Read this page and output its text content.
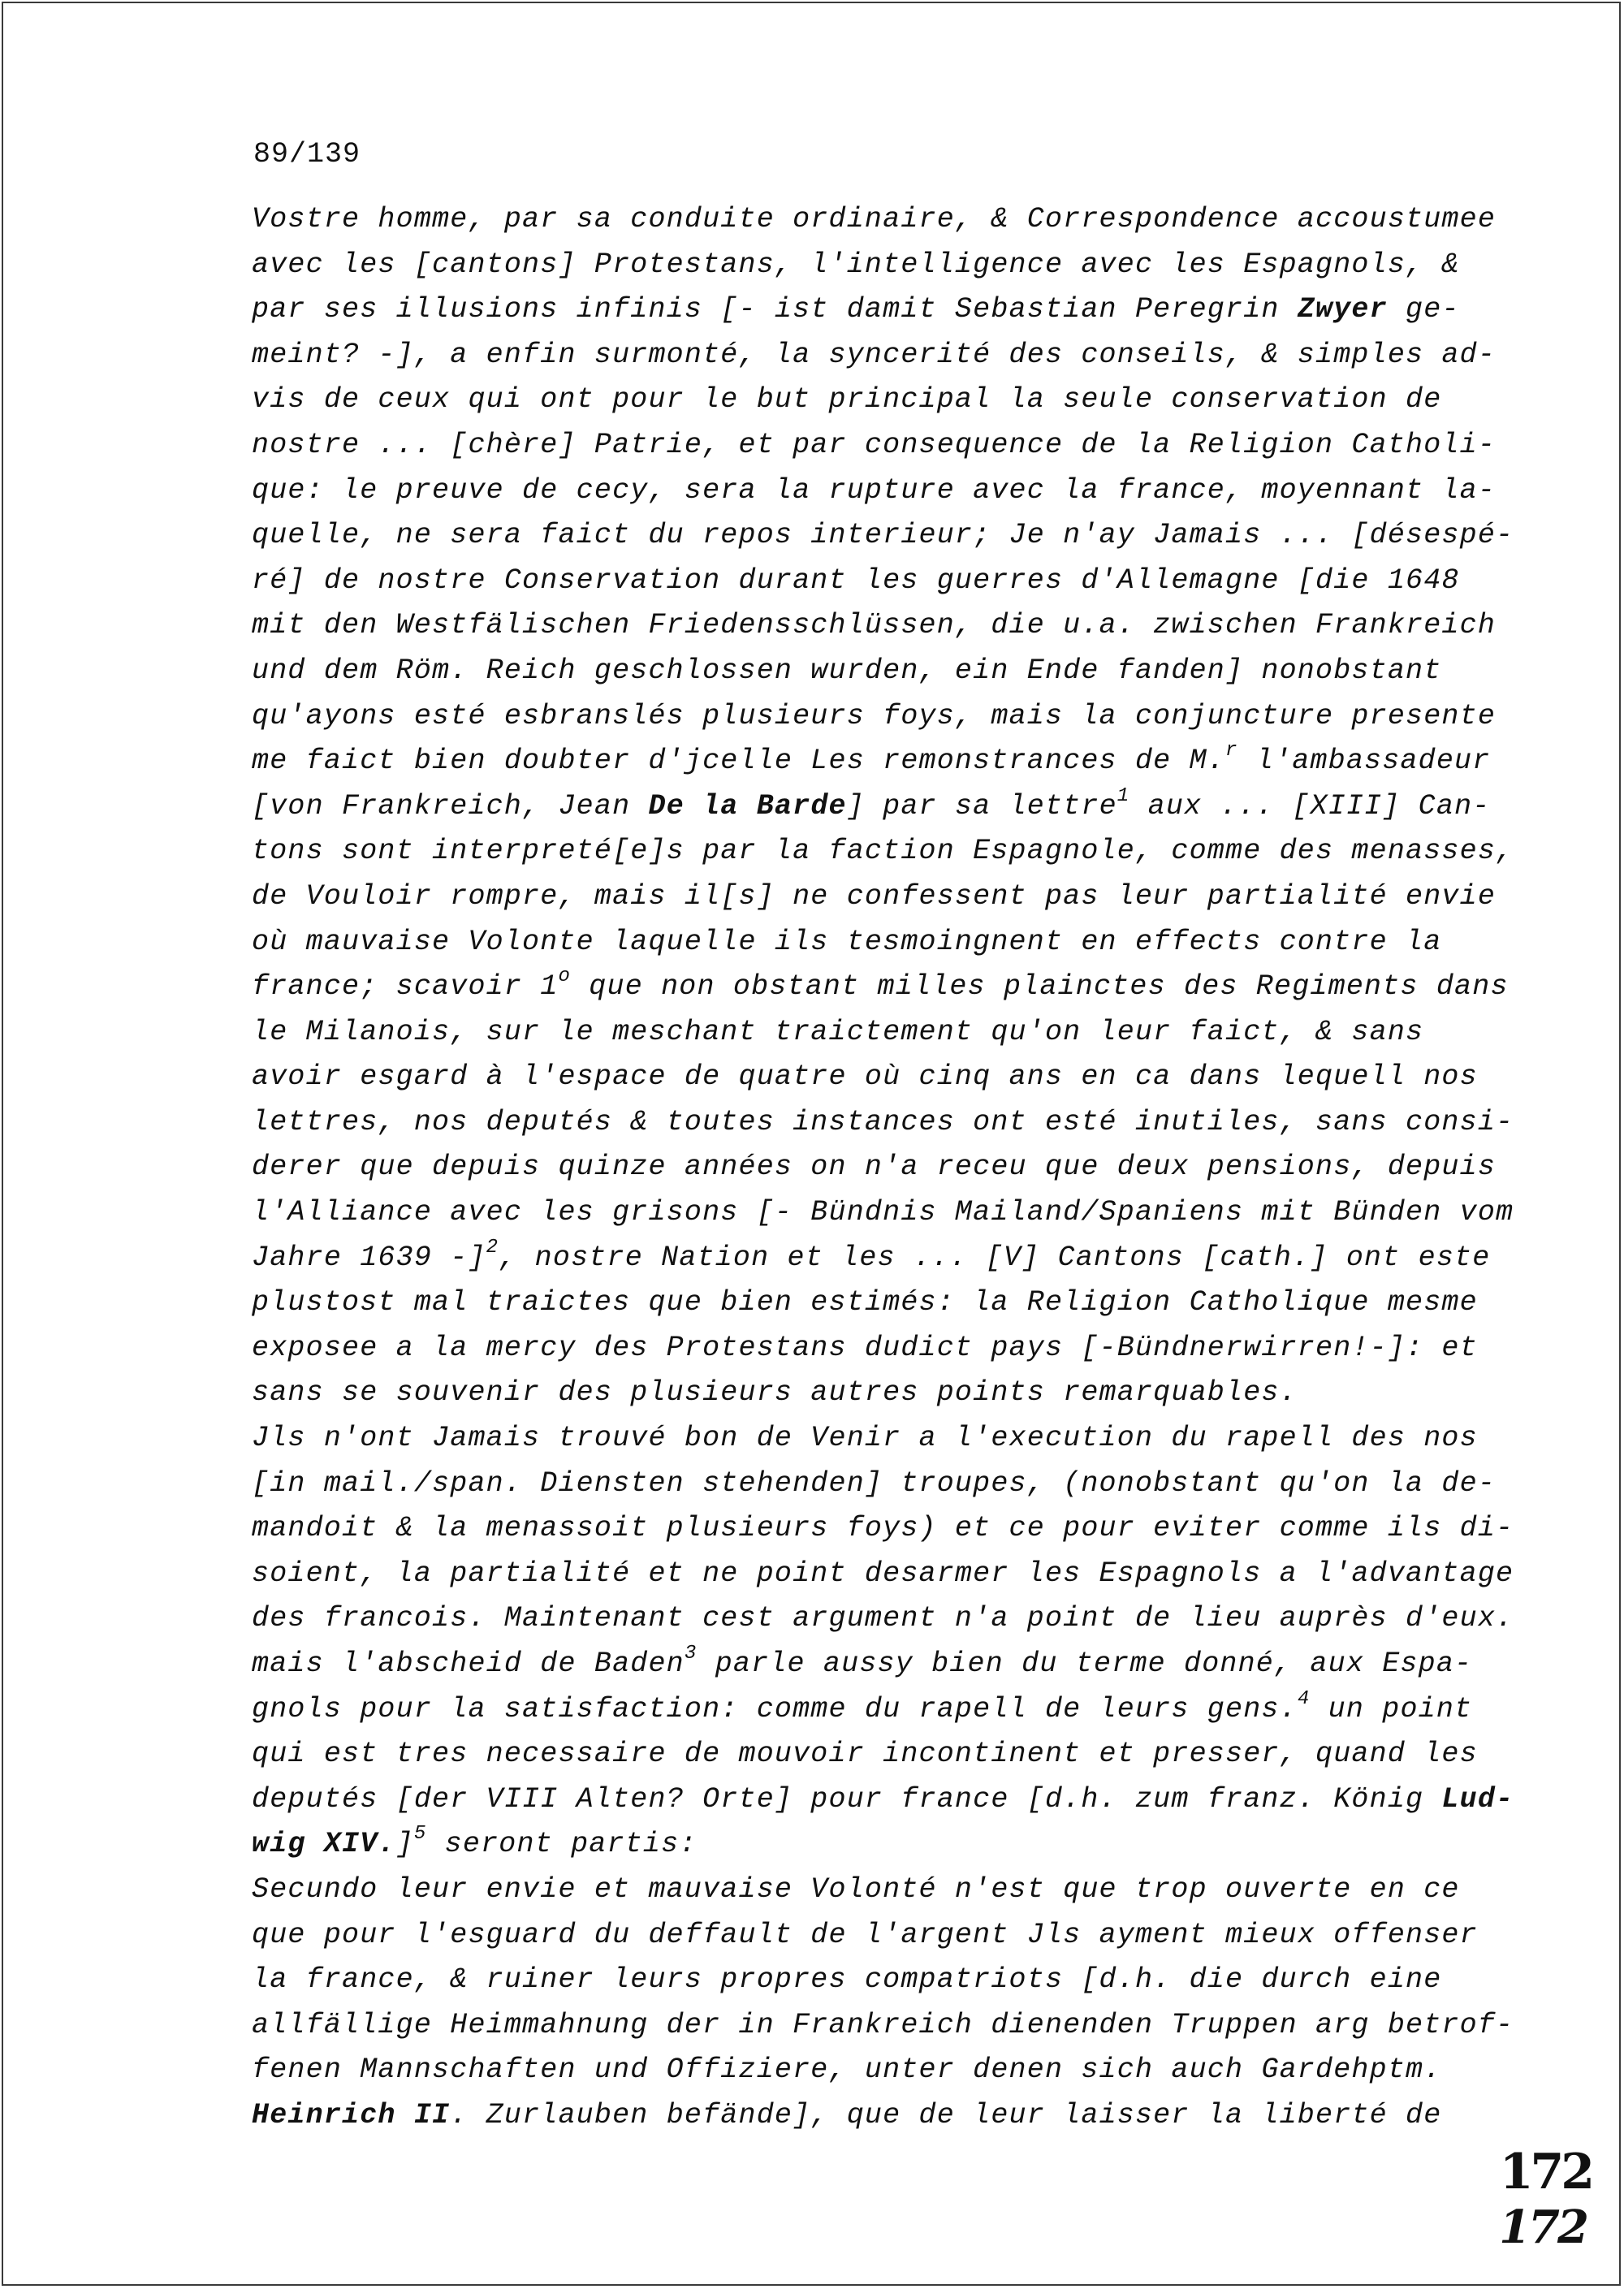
89/139
Vostre homme, par sa conduite ordinaire, & Correspondence accoustumee
avec les [cantons] Protestans, l'intelligence avec les Espagnols, &
par ses illusions infinis [- ist damit Sebastian Peregrin Zwyer ge-
meint? -], a enfin surmonté, la syncerité des conseils, & simples ad-
vis de ceux qui ont pour le but principal la seule conservation de
nostre ... [chère] Patrie, et par consequence de la Religion Catholi-
que: le preuve de cecy, sera la rupture avec la france, moyennant la-
quelle, ne sera faict du repos interieur; Je n'ay Jamais ... [désespé-
ré] de nostre Conservation durant les guerres d'Allemagne [die 1648
mit den Westfälischen Friedensschlüssen, die u.a. zwischen Frankreich
und dem Röm. Reich geschlossen wurden, ein Ende fanden] nonobstant
qu'ayons esté esbranslés plusieurs foys, mais la conjuncture presente
me faict bien doubter d'jcelle Les remonstrances de M.$^r$ l'ambassadeur
[von Frankreich, Jean De la Barde] par sa lettre$^1$ aux ... [XIII] Can-
tons sont interpreté[e]s par la faction Espagnole, comme des menasses,
de Vouloir rompre, mais il[s] ne confessent pas leur partialité envie
où mauvaise Volonte laquelle ils tesmoingnent en effects contre la
france; scavoir 1$^o$ que non obstant milles plainctes des Regiments dans
le Milanois, sur le meschant traictement qu'on leur faict, & sans
avoir esgard à l'espace de quatre où cinq ans en ca dans lequell nos
lettres, nos deputés & toutes instances ont esté inutiles, sans consi-
derer que depuis quinze années on n'a receu que deux pensions, depuis
l'Alliance avec les grisons [- Bündnis Mailand/Spaniens mit Bünden vom
Jahre 1639 -]$^2$, nostre Nation et les ... [V] Cantons [cath.] ont este
plustost mal traictes que bien estimés: la Religion Catholique mesme
exposee a la mercy des Protestans dudict pays [-Bündnerwirren!-]: et
sans se souvenir des plusieurs autres points remarquables.
Jls n'ont Jamais trouvé bon de Venir a l'execution du rapell des nos
[in mail./span. Diensten stehenden] troupes, (nonobstant qu'on la de-
mandoit & la menassoit plusieurs foys) et ce pour eviter comme ils di-
soient, la partialité et ne point desarmer les Espagnols a l'advantage
des francois. Maintenant cest argument n'a point de lieu auprès d'eux.
mais l'abscheid de Baden$^3$ parle aussy bien du terme donné, aux Espa-
gnols pour la satisfaction: comme du rapell de leurs gens.$^4$ un point
qui est tres necessaire de mouvoir incontinent et presser, quand les
deputés [der VIII Alten? Orte] pour france [d.h. zum franz. König Lud-
wig XIV.]$^5$ seront partis:
Secundo leur envie et mauvaise Volonté n'est que trop ouverte en ce
que pour l'esguard du deffault de l'argent Jls ayment mieux offenser
la france, & ruiner leurs propres compatriots [d.h. die durch eine
allfällige Heimmahnung der in Frankreich dienenden Truppen arg betrof-
fenen Mannschaften und Offiziere, unter denen sich auch Gardehptm.
Heinrich II. Zurlauben befände], que de leur laisser la liberté de
172
172
